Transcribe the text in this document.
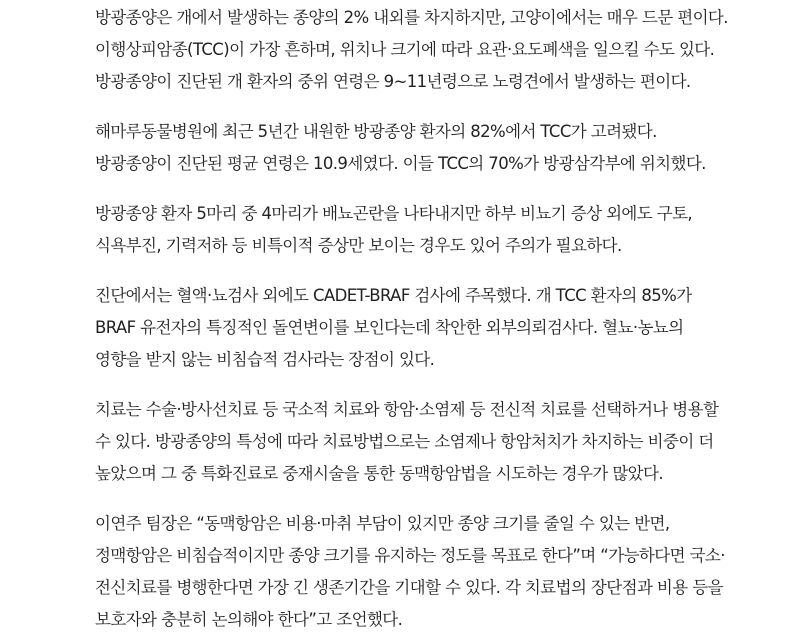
방광종양은 개에서 발생하는 종양의 2% 내외를 차지하지만, 고양이에서는 매우 드문 편이다.
이행상피암종(TCC)이 가장 흔하며, 위치나 크기에 따라 요관·요도폐색을 일으킬 수도 있다.
방광종양이 진단된 개 환자의 중위 연령은 9~11년령으로 노령견에서 발생하는 편이다.

해마루동물병원에 최근 5년간 내원한 방광종양 환자의 82%에서 TCC가 고려됐다.
방광종양이 진단된 평균 연령은 10.9세였다. 이들 TCC의 70%가 방광삼각부에 위치했다.

방광종양 환자 5마리 중 4마리가 배뇨곤란을 나타내지만 하부 비뇨기 증상 외에도 구토,
식욕부진, 기력저하 등 비특이적 증상만 보이는 경우도 있어 주의가 필요하다.

진단에서는 혈액·뇨검사 외에도 CADET-BRAF 검사에 주목했다. 개 TCC 환자의 85%가
BRAF 유전자의 특징적인 돌연변이를 보인다는데 착안한 외부의뢰검사다. 혈뇨·농뇨의
영향을 받지 않는 비침습적 검사라는 장점이 있다.

치료는 수술·방사선치료 등 국소적 치료와 항암·소염제 등 전신적 치료를 선택하거나 병용할
수 있다. 방광종양의 특성에 따라 치료방법으로는 소염제나 항암처치가 차지하는 비중이 더
높았으며 그 중 특화진료로 중재시술을 통한 동맥항암법을 시도하는 경우가 많았다.

이연주 팀장은 “동맥항암은 비용·마취 부담이 있지만 종양 크기를 줄일 수 있는 반면,
정맥항암은 비침습적이지만 종양 크기를 유지하는 정도를 목표로 한다”며 “가능하다면 국소·
전신치료를 병행한다면 가장 긴 생존기간을 기대할 수 있다. 각 치료법의 장단점과 비용 등을
보호자와 충분히 논의해야 한다”고 조언했다.
